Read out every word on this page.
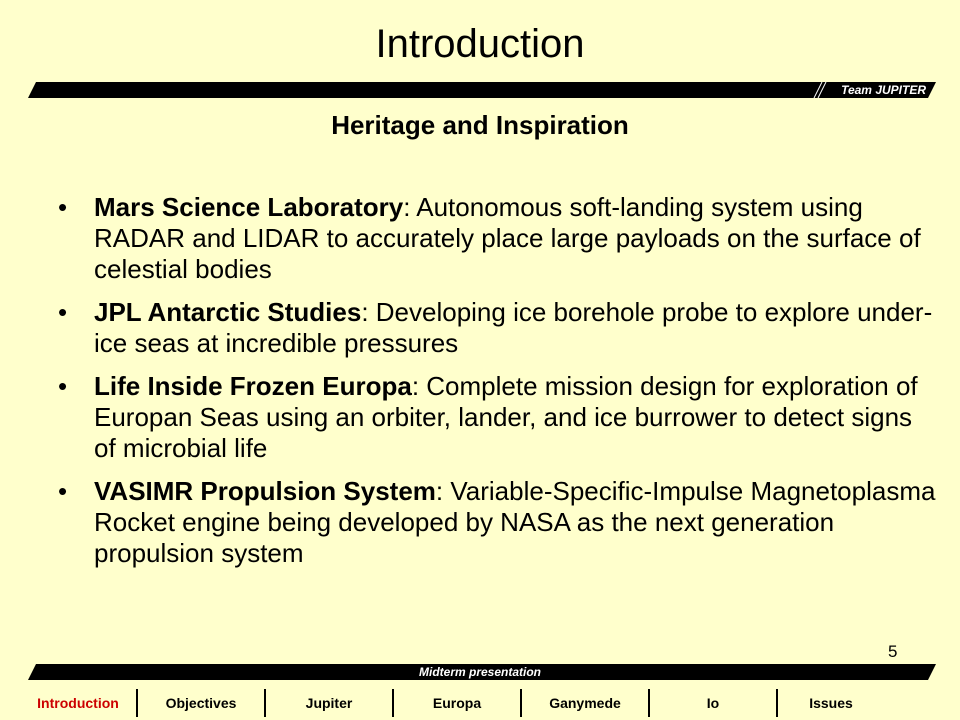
Introduction
Team JUPITER
Heritage and Inspiration
• Mars Science Laboratory: Autonomous soft-landing system using RADAR and LIDAR to accurately place large payloads on the surface of celestial bodies
• JPL Antarctic Studies: Developing ice borehole probe to explore under-ice seas at incredible pressures
• Life Inside Frozen Europa: Complete mission design for exploration of Europan Seas using an orbiter, lander, and ice burrower to detect signs of microbial life
• VASIMR Propulsion System: Variable-Specific-Impulse Magnetoplasma Rocket engine being developed by NASA as the next generation propulsion system
5
Midterm presentation
Introduction	Objectives	Jupiter	Europa	Ganymede	Io	Issues
